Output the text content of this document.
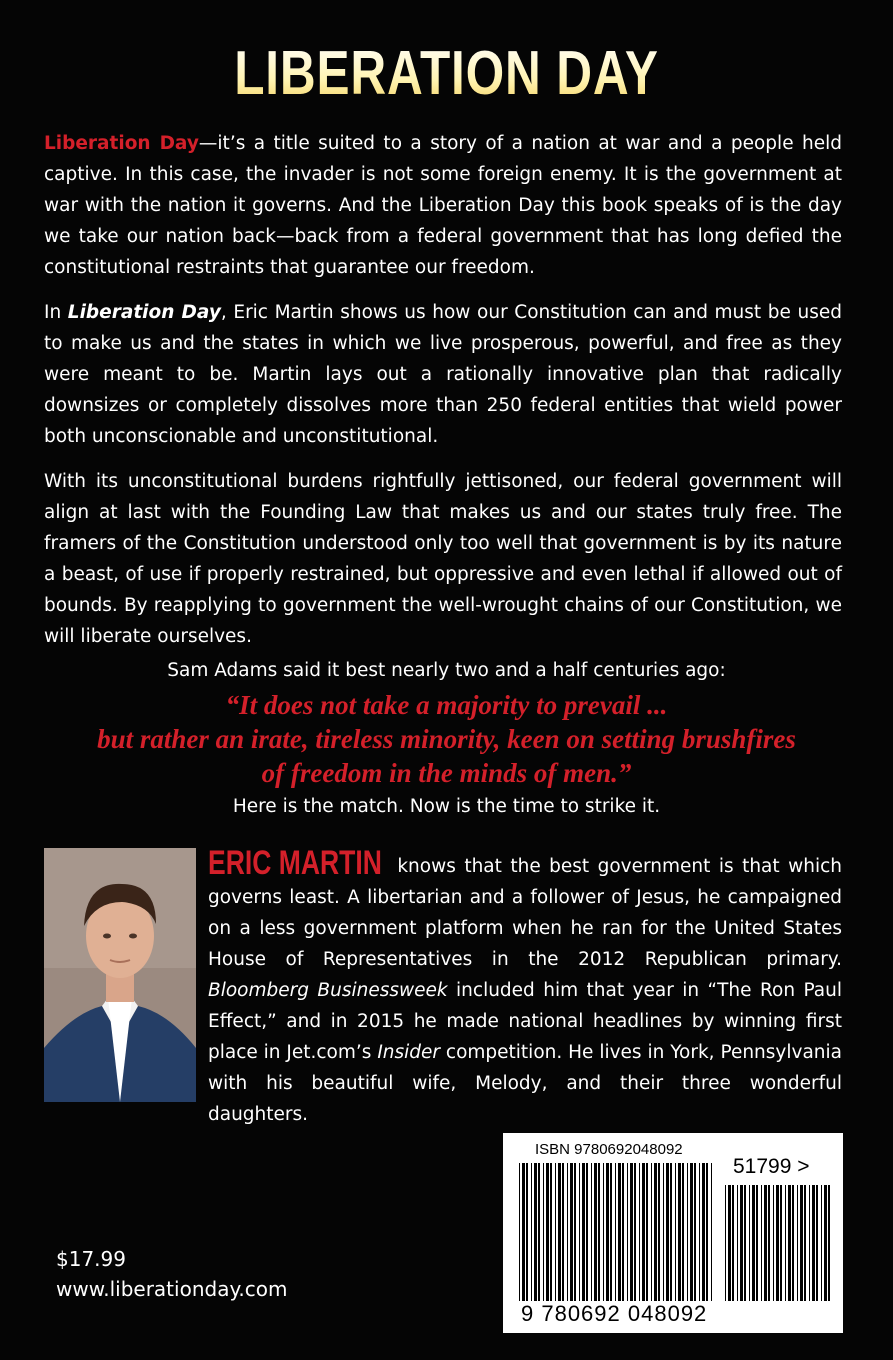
LIBERATION DAY

Liberation Day—it’s a title suited to a story of a nation at war and a people held captive. In this case, the invader is not some foreign enemy. It is the government at war with the nation it governs. And the Liberation Day this book speaks of is the day we take our nation back—back from a federal government that has long defied the constitutional restraints that guarantee our freedom.

In Liberation Day, Eric Martin shows us how our Constitution can and must be used to make us and the states in which we live prosperous, powerful, and free as they were meant to be. Martin lays out a rationally innovative plan that radically downsizes or completely dissolves more than 250 federal entities that wield power both unconscionable and unconstitutional.

With its unconstitutional burdens rightfully jettisoned, our federal government will align at last with the Founding Law that makes us and our states truly free. The framers of the Constitution understood only too well that government is by its nature a beast, of use if properly restrained, but oppressive and even lethal if allowed out of bounds. By reapplying to government the well-wrought chains of our Constitution, we will liberate ourselves.

Sam Adams said it best nearly two and a half centuries ago:

“It does not take a majority to prevail ...

but rather an irate, tireless minority, keen on setting brushfires

of freedom in the minds of men.”

Here is the match. Now is the time to strike it.

ERIC MARTIN knows that the best government is that which governs least. A libertarian and a follower of Jesus, he campaigned on a less government platform when he ran for the United States House of Representatives in the 2012 Republican primary. Bloomberg Businessweek included him that year in “The Ron Paul Effect,” and in 2015 he made national headlines by winning first place in Jet.com’s Insider competition. He lives in York, Pennsylvania with his beautiful wife, Melody, and their three wonderful daughters.

$17.99

www.liberationday.com

ISBN 9780692048092

51799 >

9 780692 048092
